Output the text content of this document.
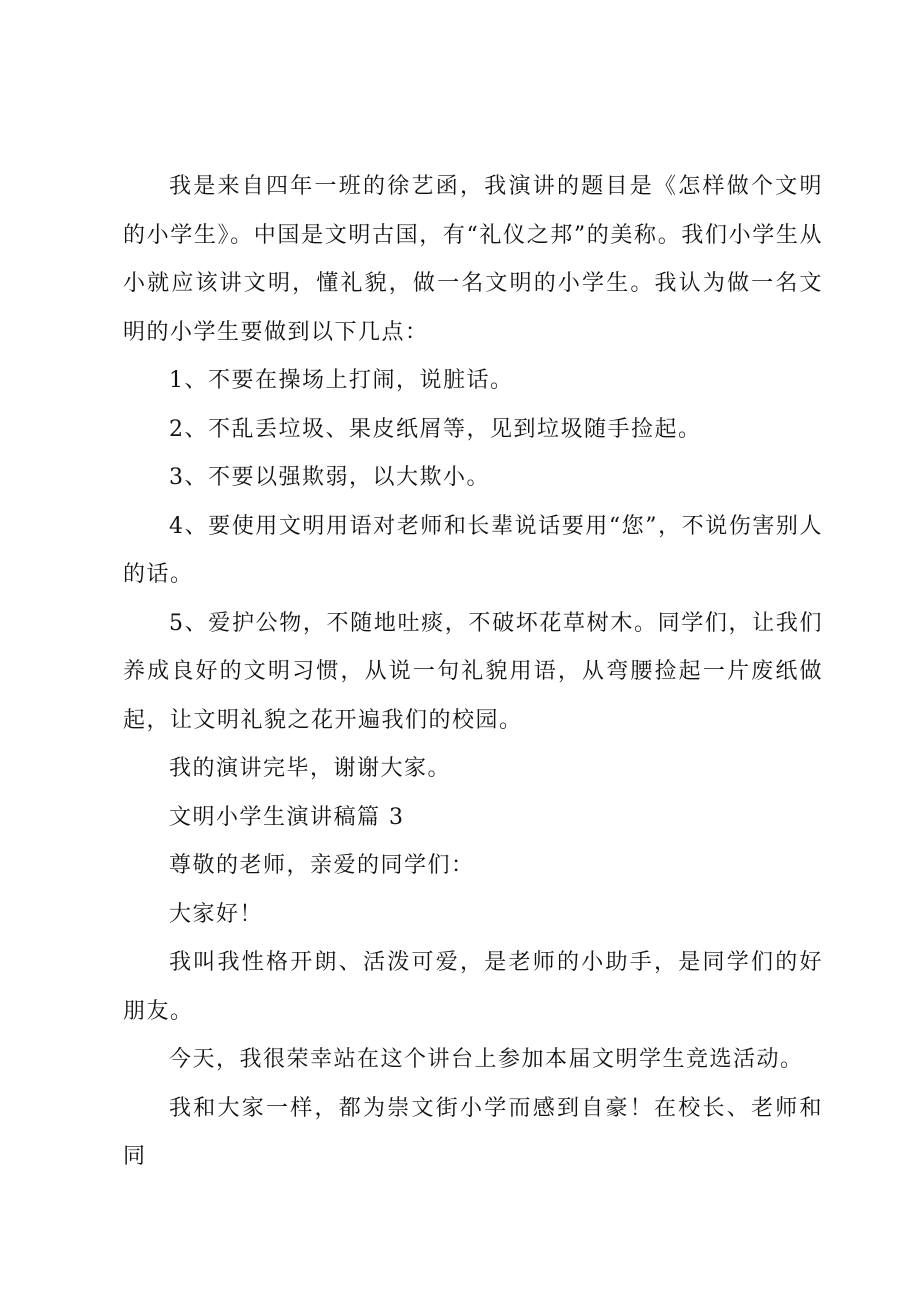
我是来自四年一班的徐艺函，我演讲的题目是《怎样做个文明的小学生》。中国是文明古国，有“礼仪之邦”的美称。我们小学生从小就应该讲文明，懂礼貌，做一名文明的小学生。我认为做一名文明的小学生要做到以下几点：

1、不要在操场上打闹，说脏话。

2、不乱丢垃圾、果皮纸屑等，见到垃圾随手捡起。

3、不要以强欺弱，以大欺小。

4、要使用文明用语对老师和长辈说话要用“您”，不说伤害别人的话。

5、爱护公物，不随地吐痰，不破坏花草树木。同学们，让我们养成良好的文明习惯，从说一句礼貌用语，从弯腰捡起一片废纸做起，让文明礼貌之花开遍我们的校园。

我的演讲完毕，谢谢大家。

文明小学生演讲稿篇 3

尊敬的老师，亲爱的同学们：

大家好！

我叫我性格开朗、活泼可爱，是老师的小助手，是同学们的好朋友。

今天，我很荣幸站在这个讲台上参加本届文明学生竞选活动。

我和大家一样，都为崇文街小学而感到自豪！在校长、老师和同
